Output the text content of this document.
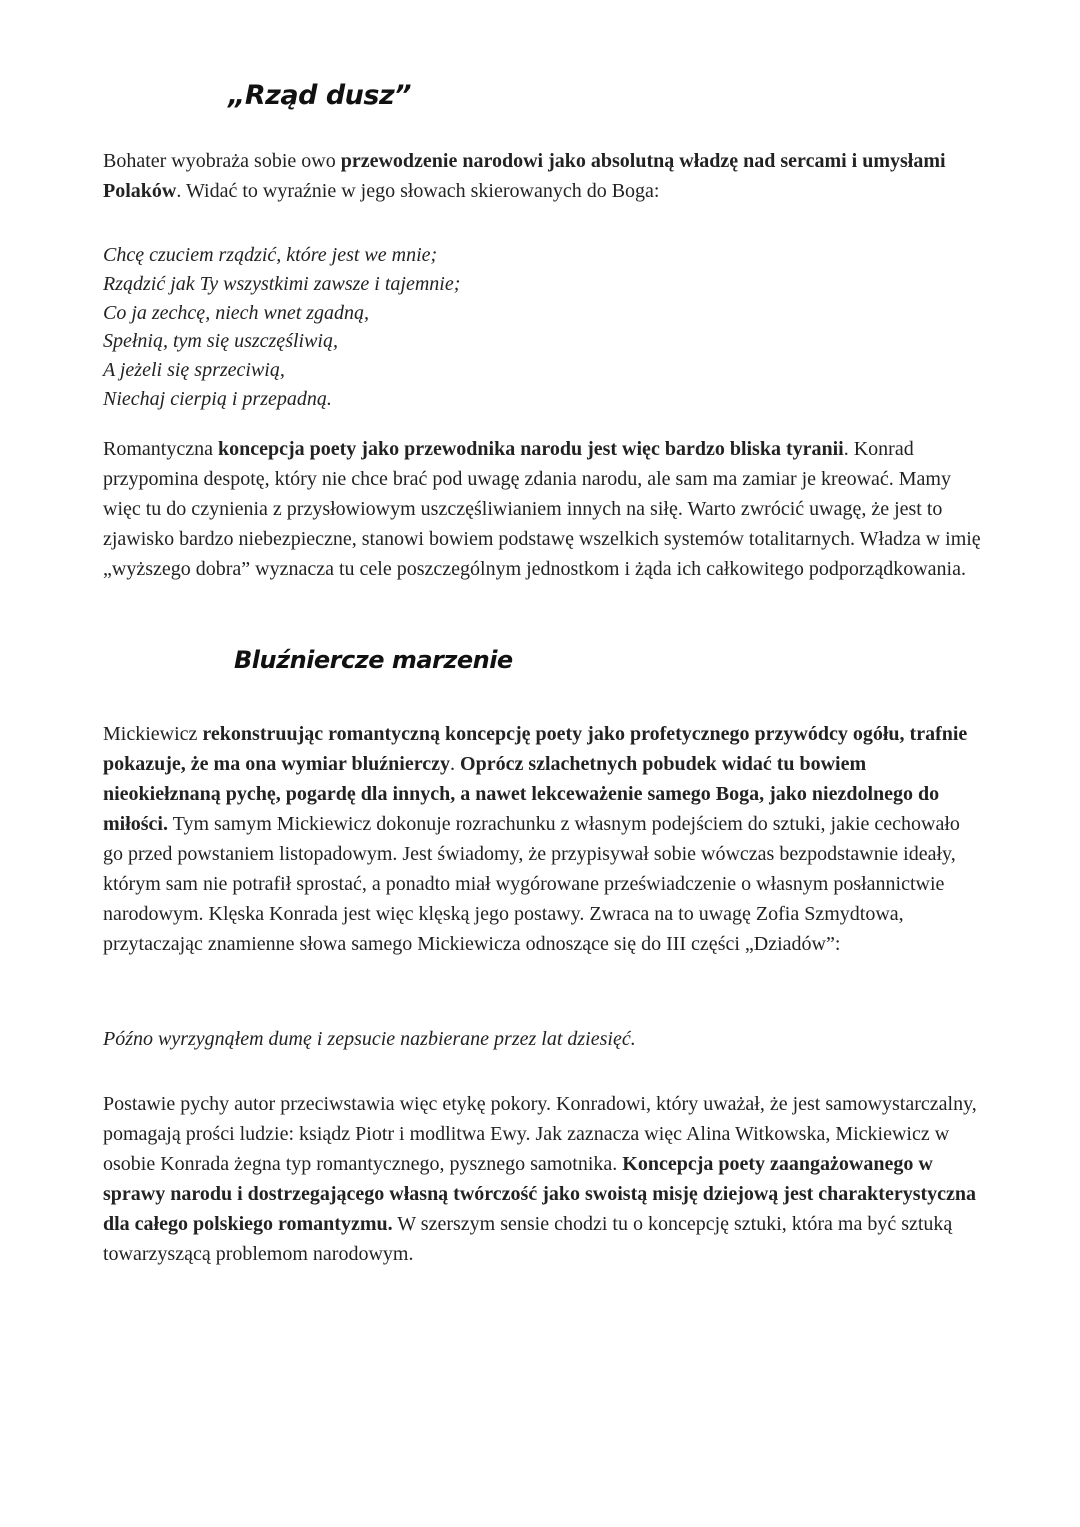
„Rząd dusz”

Bohater wyobraża sobie owo przewodzenie narodowi jako absolutną władzę nad sercami i umysłami Polaków. Widać to wyraźnie w jego słowach skierowanych do Boga:

Chcę czuciem rządzić, które jest we mnie;
Rządzić jak Ty wszystkimi zawsze i tajemnie;
Co ja zechcę, niech wnet zgadną,
Spełnią, tym się uszczęśliwią,
A jeżeli się sprzeciwią,
Niechaj cierpią i przepadną.

Romantyczna koncepcja poety jako przewodnika narodu jest więc bardzo bliska tyranii. Konrad przypomina despotę, który nie chce brać pod uwagę zdania narodu, ale sam ma zamiar je kreować. Mamy więc tu do czynienia z przysłowiowym uszczęśliwianiem innych na siłę. Warto zwrócić uwagę, że jest to zjawisko bardzo niebezpieczne, stanowi bowiem podstawę wszelkich systemów totalitarnych. Władza w imię „wyższego dobra” wyznacza tu cele poszczególnym jednostkom i żąda ich całkowitego podporządkowania.

Bluźniercze marzenie

Mickiewicz rekonstruując romantyczną koncepcję poety jako profetycznego przywódcy ogółu, trafnie pokazuje, że ma ona wymiar bluźnierczy. Oprócz szlachetnych pobudek widać tu bowiem nieokiełznaną pychę, pogardę dla innych, a nawet lekceważenie samego Boga, jako niezdolnego do miłości. Tym samym Mickiewicz dokonuje rozrachunku z własnym podejściem do sztuki, jakie cechowało go przed powstaniem listopadowym. Jest świadomy, że przypisywał sobie wówczas bezpodstawnie ideały, którym sam nie potrafił sprostać, a ponadto miał wygórowane przeświadczenie o własnym posłannictwie narodowym. Klęska Konrada jest więc klęską jego postawy. Zwraca na to uwagę Zofia Szmydtowa, przytaczając znamienne słowa samego Mickiewicza odnoszące się do III części „Dziadów”:

Późno wyrzygnąłem dumę i zepsucie nazbierane przez lat dziesięć.

Postawie pychy autor przeciwstawia więc etykę pokory. Konradowi, który uważał, że jest samowystarczalny, pomagają prości ludzie: ksiądz Piotr i modlitwa Ewy. Jak zaznacza więc Alina Witkowska, Mickiewicz w osobie Konrada żegna typ romantycznego, pysznego samotnika. Koncepcja poety zaangażowanego w sprawy narodu i dostrzegającego własną twórczość jako swoistą misję dziejową jest charakterystyczna dla całego polskiego romantyzmu. W szerszym sensie chodzi tu o koncepcję sztuki, która ma być sztuką towarzyszącą problemom narodowym.
